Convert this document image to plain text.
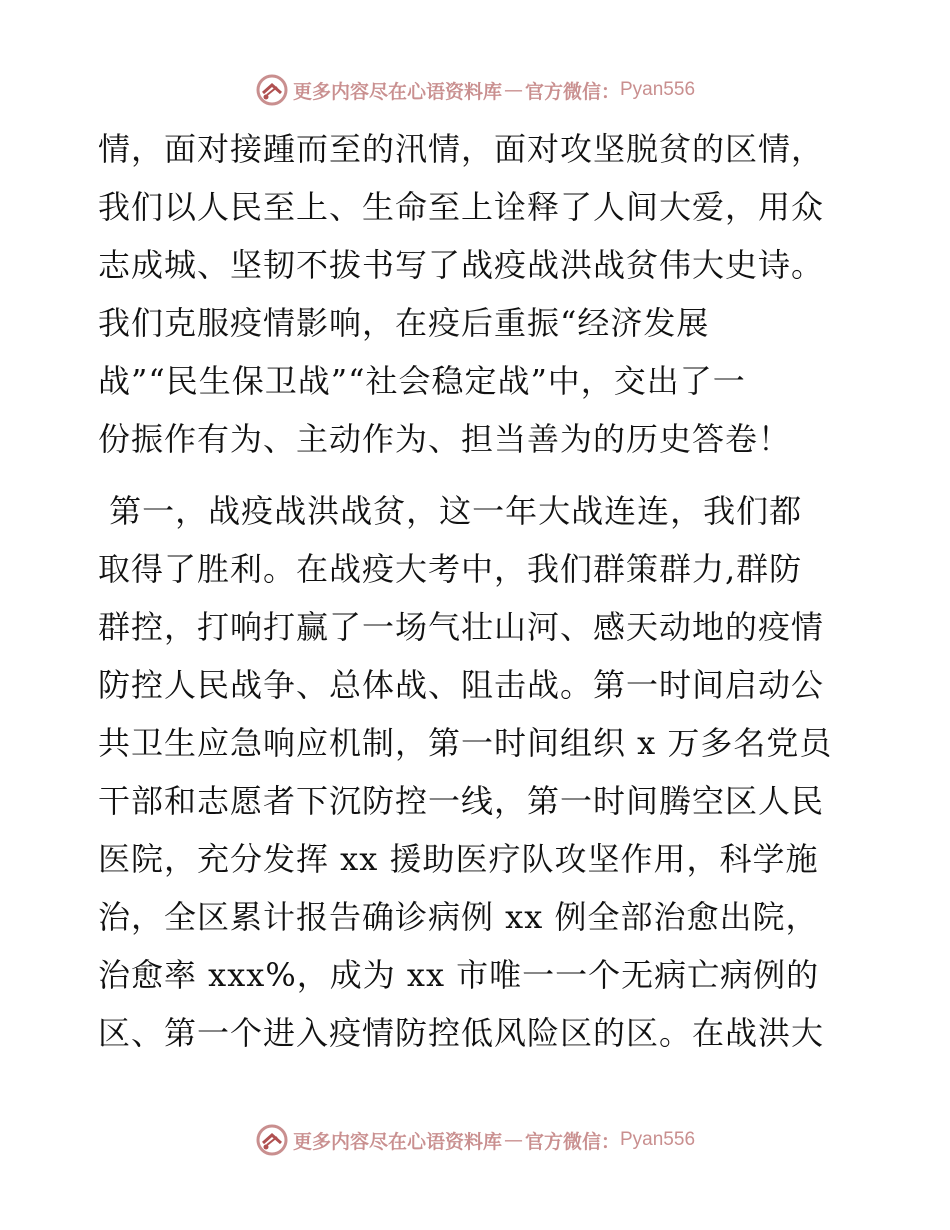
更多内容尽在心语资料库 — 官方微信： Pyan556
情，面对接踵而至的汛情，面对攻坚脱贫的区情，
我们以人民至上、生命至上诠释了人间大爱，用众
志成城、坚韧不拔书写了战疫战洪战贫伟大史诗。
我们克服疫情影响，在疫后重振“经济发展
战”“民生保卫战”“社会稳定战”中，交出了一
份振作有为、主动作为、担当善为的历史答卷！
第一，战疫战洪战贫，这一年大战连连，我们都
取得了胜利。在战疫大考中，我们群策群力,群防
群控，打响打赢了一场气壮山河、感天动地的疫情
防控人民战争、总体战、阻击战。第一时间启动公
共卫生应急响应机制，第一时间组织 x 万多名党员
干部和志愿者下沉防控一线，第一时间腾空区人民
医院，充分发挥 xx 援助医疗队攻坚作用，科学施
治，全区累计报告确诊病例 xx 例全部治愈出院，
治愈率 xxx%，成为 xx 市唯一一个无病亡病例的
区、第一个进入疫情防控低风险区的区。在战洪大
更多内容尽在心语资料库 — 官方微信： Pyan556
